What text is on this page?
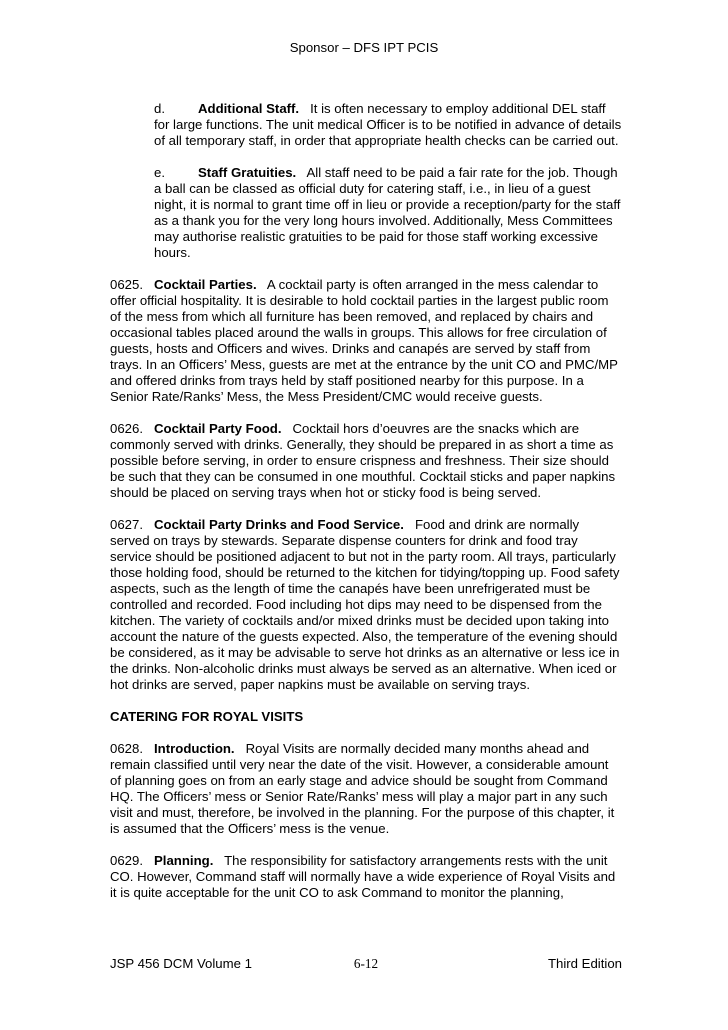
Sponsor – DFS IPT PCIS

d.	Additional Staff. It is often necessary to employ additional DEL staff for large functions. The unit medical Officer is to be notified in advance of details of all temporary staff, in order that appropriate health checks can be carried out.

e.	Staff Gratuities. All staff need to be paid a fair rate for the job. Though a ball can be classed as official duty for catering staff, i.e., in lieu of a guest night, it is normal to grant time off in lieu or provide a reception/party for the staff as a thank you for the very long hours involved. Additionally, Mess Committees may authorise realistic gratuities to be paid for those staff working excessive hours.

0625. Cocktail Parties. A cocktail party is often arranged in the mess calendar to offer official hospitality. It is desirable to hold cocktail parties in the largest public room of the mess from which all furniture has been removed, and replaced by chairs and occasional tables placed around the walls in groups. This allows for free circulation of guests, hosts and Officers and wives. Drinks and canapés are served by staff from trays. In an Officers’ Mess, guests are met at the entrance by the unit CO and PMC/MP and offered drinks from trays held by staff positioned nearby for this purpose. In a Senior Rate/Ranks’ Mess, the Mess President/CMC would receive guests.

0626. Cocktail Party Food. Cocktail hors d’oeuvres are the snacks which are commonly served with drinks. Generally, they should be prepared in as short a time as possible before serving, in order to ensure crispness and freshness. Their size should be such that they can be consumed in one mouthful. Cocktail sticks and paper napkins should be placed on serving trays when hot or sticky food is being served.

0627. Cocktail Party Drinks and Food Service. Food and drink are normally served on trays by stewards. Separate dispense counters for drink and food tray service should be positioned adjacent to but not in the party room. All trays, particularly those holding food, should be returned to the kitchen for tidying/topping up. Food safety aspects, such as the length of time the canapés have been unrefrigerated must be controlled and recorded. Food including hot dips may need to be dispensed from the kitchen. The variety of cocktails and/or mixed drinks must be decided upon taking into account the nature of the guests expected. Also, the temperature of the evening should be considered, as it may be advisable to serve hot drinks as an alternative or less ice in the drinks. Non-alcoholic drinks must always be served as an alternative. When iced or hot drinks are served, paper napkins must be available on serving trays.

CATERING FOR ROYAL VISITS

0628. Introduction. Royal Visits are normally decided many months ahead and remain classified until very near the date of the visit. However, a considerable amount of planning goes on from an early stage and advice should be sought from Command HQ. The Officers’ mess or Senior Rate/Ranks’ mess will play a major part in any such visit and must, therefore, be involved in the planning. For the purpose of this chapter, it is assumed that the Officers’ mess is the venue.

0629. Planning. The responsibility for satisfactory arrangements rests with the unit CO. However, Command staff will normally have a wide experience of Royal Visits and it is quite acceptable for the unit CO to ask Command to monitor the planning,

JSP 456 DCM Volume 1	6-12	Third Edition
